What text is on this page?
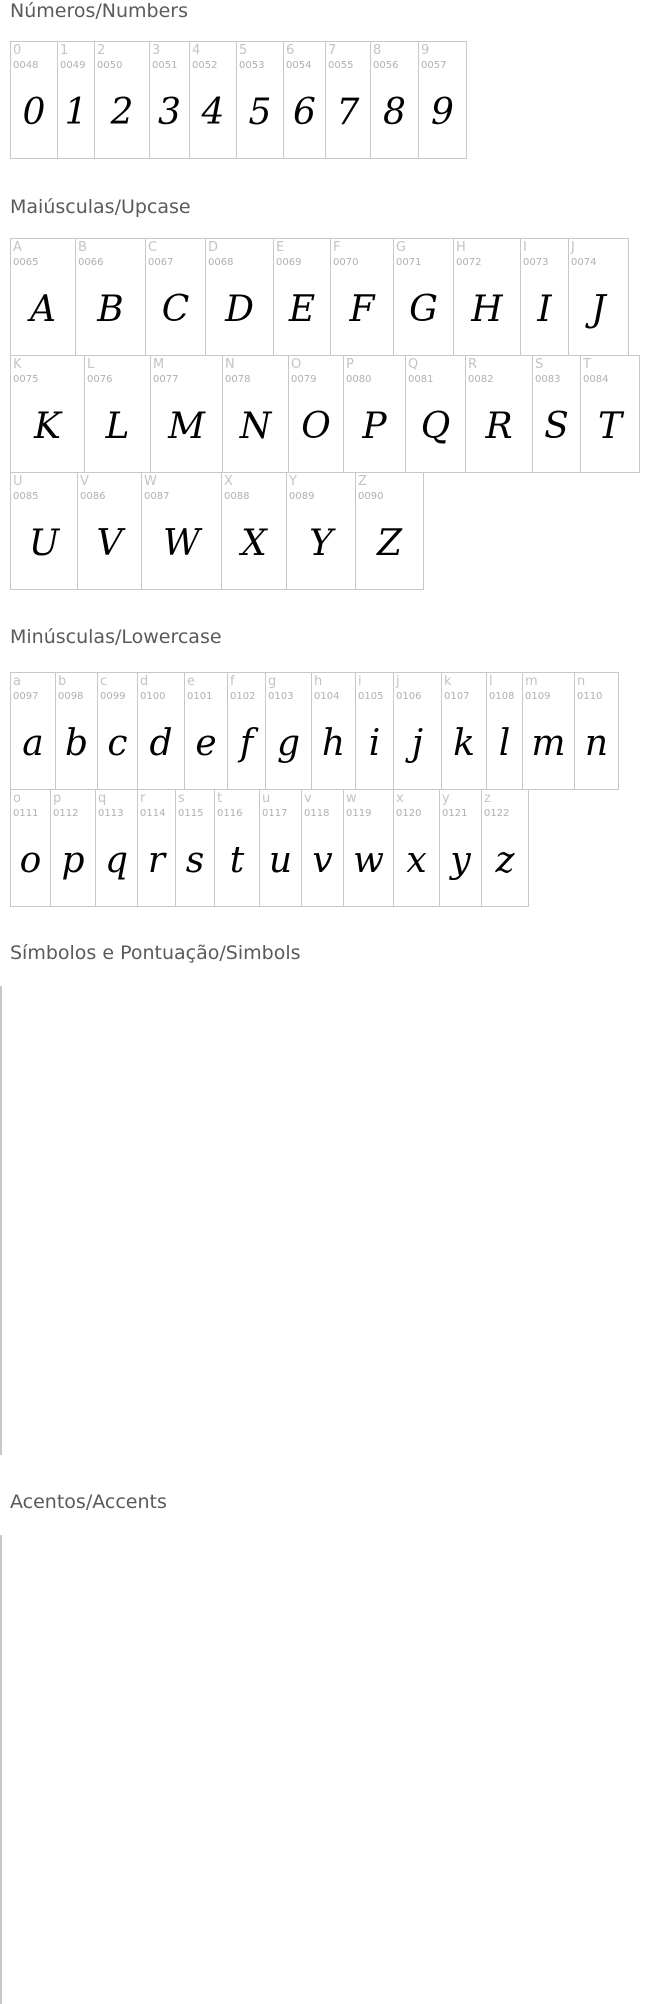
Números/Numbers
0
0048
0
1
0049
1
2
0050
2
3
0051
3
4
0052
4
5
0053
5
6
0054
6
7
0055
7
8
0056
8
9
0057
9
Maiúsculas/Upcase
A
0065
A
B
0066
B
C
0067
C
D
0068
D
E
0069
E
F
0070
F
G
0071
G
H
0072
H
I
0073
I
J
0074
J
K
0075
K
L
0076
L
M
0077
M
N
0078
N
O
0079
O
P
0080
P
Q
0081
Q
R
0082
R
S
0083
S
T
0084
T
U
0085
U
V
0086
V
W
0087
W
X
0088
X
Y
0089
Y
Z
0090
Z
Minúsculas/Lowercase
a
0097
a
b
0098
b
c
0099
c
d
0100
d
e
0101
e
f
0102
f
g
0103
g
h
0104
h
i
0105
i
j
0106
j
k
0107
k
l
0108
l
m
0109
m
n
0110
n
o
0111
o
p
0112
p
q
0113
q
r
0114
r
s
0115
s
t
0116
t
u
0117
u
v
0118
v
w
0119
w
x
0120
x
y
0121
y
z
0122
z
Símbolos e Pontuação/Simbols
?
?
?
?
?
?
?
?
?
?
?
?
?
?
?
?
?
?
?
?
?
?
?
?
?
?
?
?
?
?
?
?
?
?
?
?
?
?
?
?
?
?
?
Acentos/Accents
?
?
?
?
?
?
?
?
?
?
?
?
?
?
?
?
?
?
?
?
?
?
?
?
?
?
?
?
?
?
?
?
?
?
?
?
?
?
?
?
?
?
?
?
?
?
?
?
?
?
?
?
?
?
?
?
